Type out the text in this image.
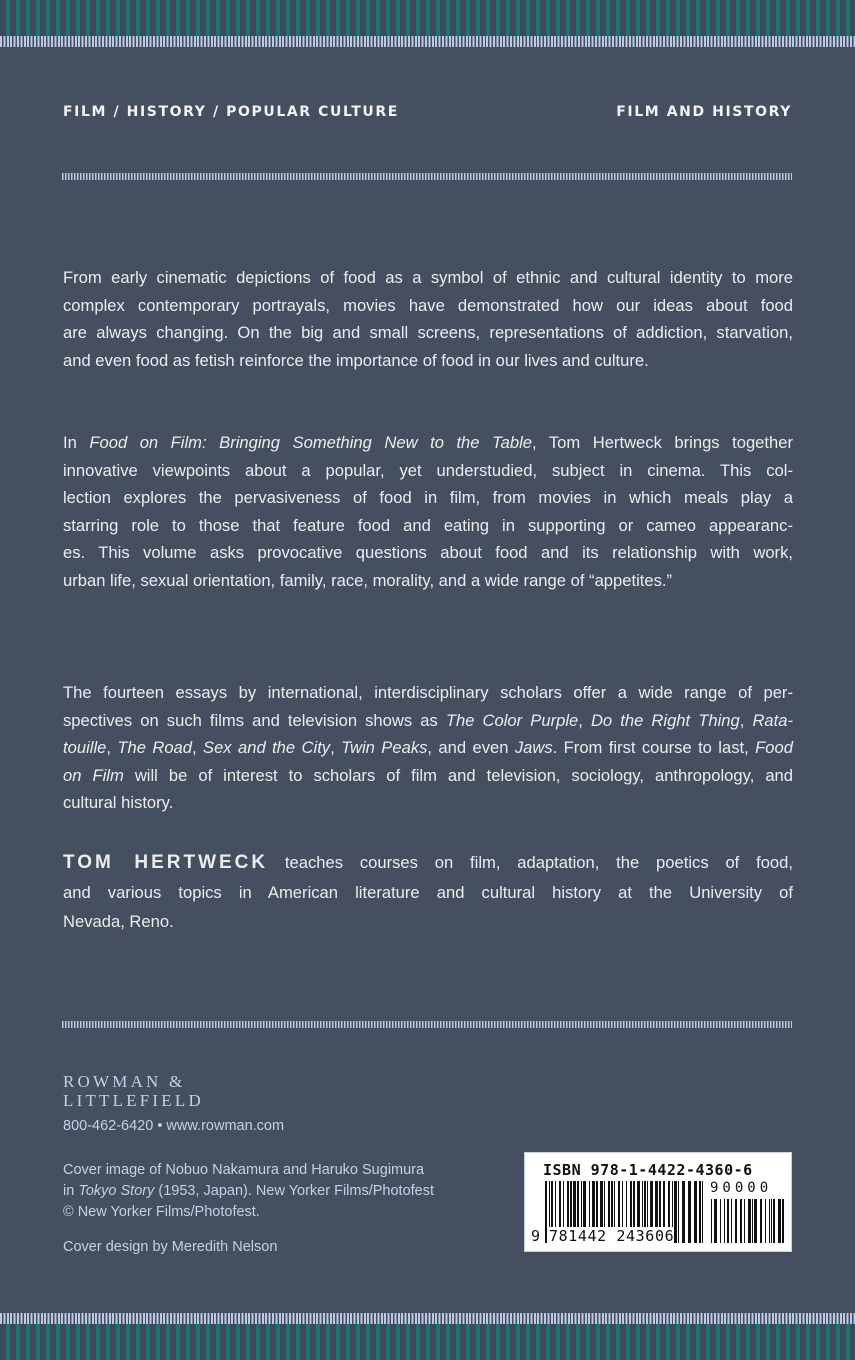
FILM / HISTORY / POPULAR CULTURE	FILM AND HISTORY
From early cinematic depictions of food as a symbol of ethnic and cultural identity to more
complex contemporary portrayals, movies have demonstrated how our ideas about food
are always changing. On the big and small screens, representations of addiction, starvation,
and even food as fetish reinforce the importance of food in our lives and culture.
In Food on Film: Bringing Something New to the Table, Tom Hertweck brings together
innovative viewpoints about a popular, yet understudied, subject in cinema. This col-
lection explores the pervasiveness of food in film, from movies in which meals play a
starring role to those that feature food and eating in supporting or cameo appearanc-
es. This volume asks provocative questions about food and its relationship with work,
urban life, sexual orientation, family, race, morality, and a wide range of “appetites.”
The fourteen essays by international, interdisciplinary scholars offer a wide range of per-
spectives on such films and television shows as The Color Purple, Do the Right Thing, Rata-
touille, The Road, Sex and the City, Twin Peaks, and even Jaws. From first course to last, Food
on Film will be of interest to scholars of film and television, sociology, anthropology, and
cultural history.
TOM HERTWECK teaches courses on film, adaptation, the poetics of food,
and various topics in American literature and cultural history at the University of
Nevada, Reno.
ROWMAN &
LITTLEFIELD
800-462-6420 • www.rowman.com
Cover image of Nobuo Nakamura and Haruko Sugimura
in Tokyo Story (1953, Japan). New Yorker Films/Photofest
© New Yorker Films/Photofest.
Cover design by Meredith Nelson
ISBN 978-1-4422-4360-6
90000
9 781442 243606
